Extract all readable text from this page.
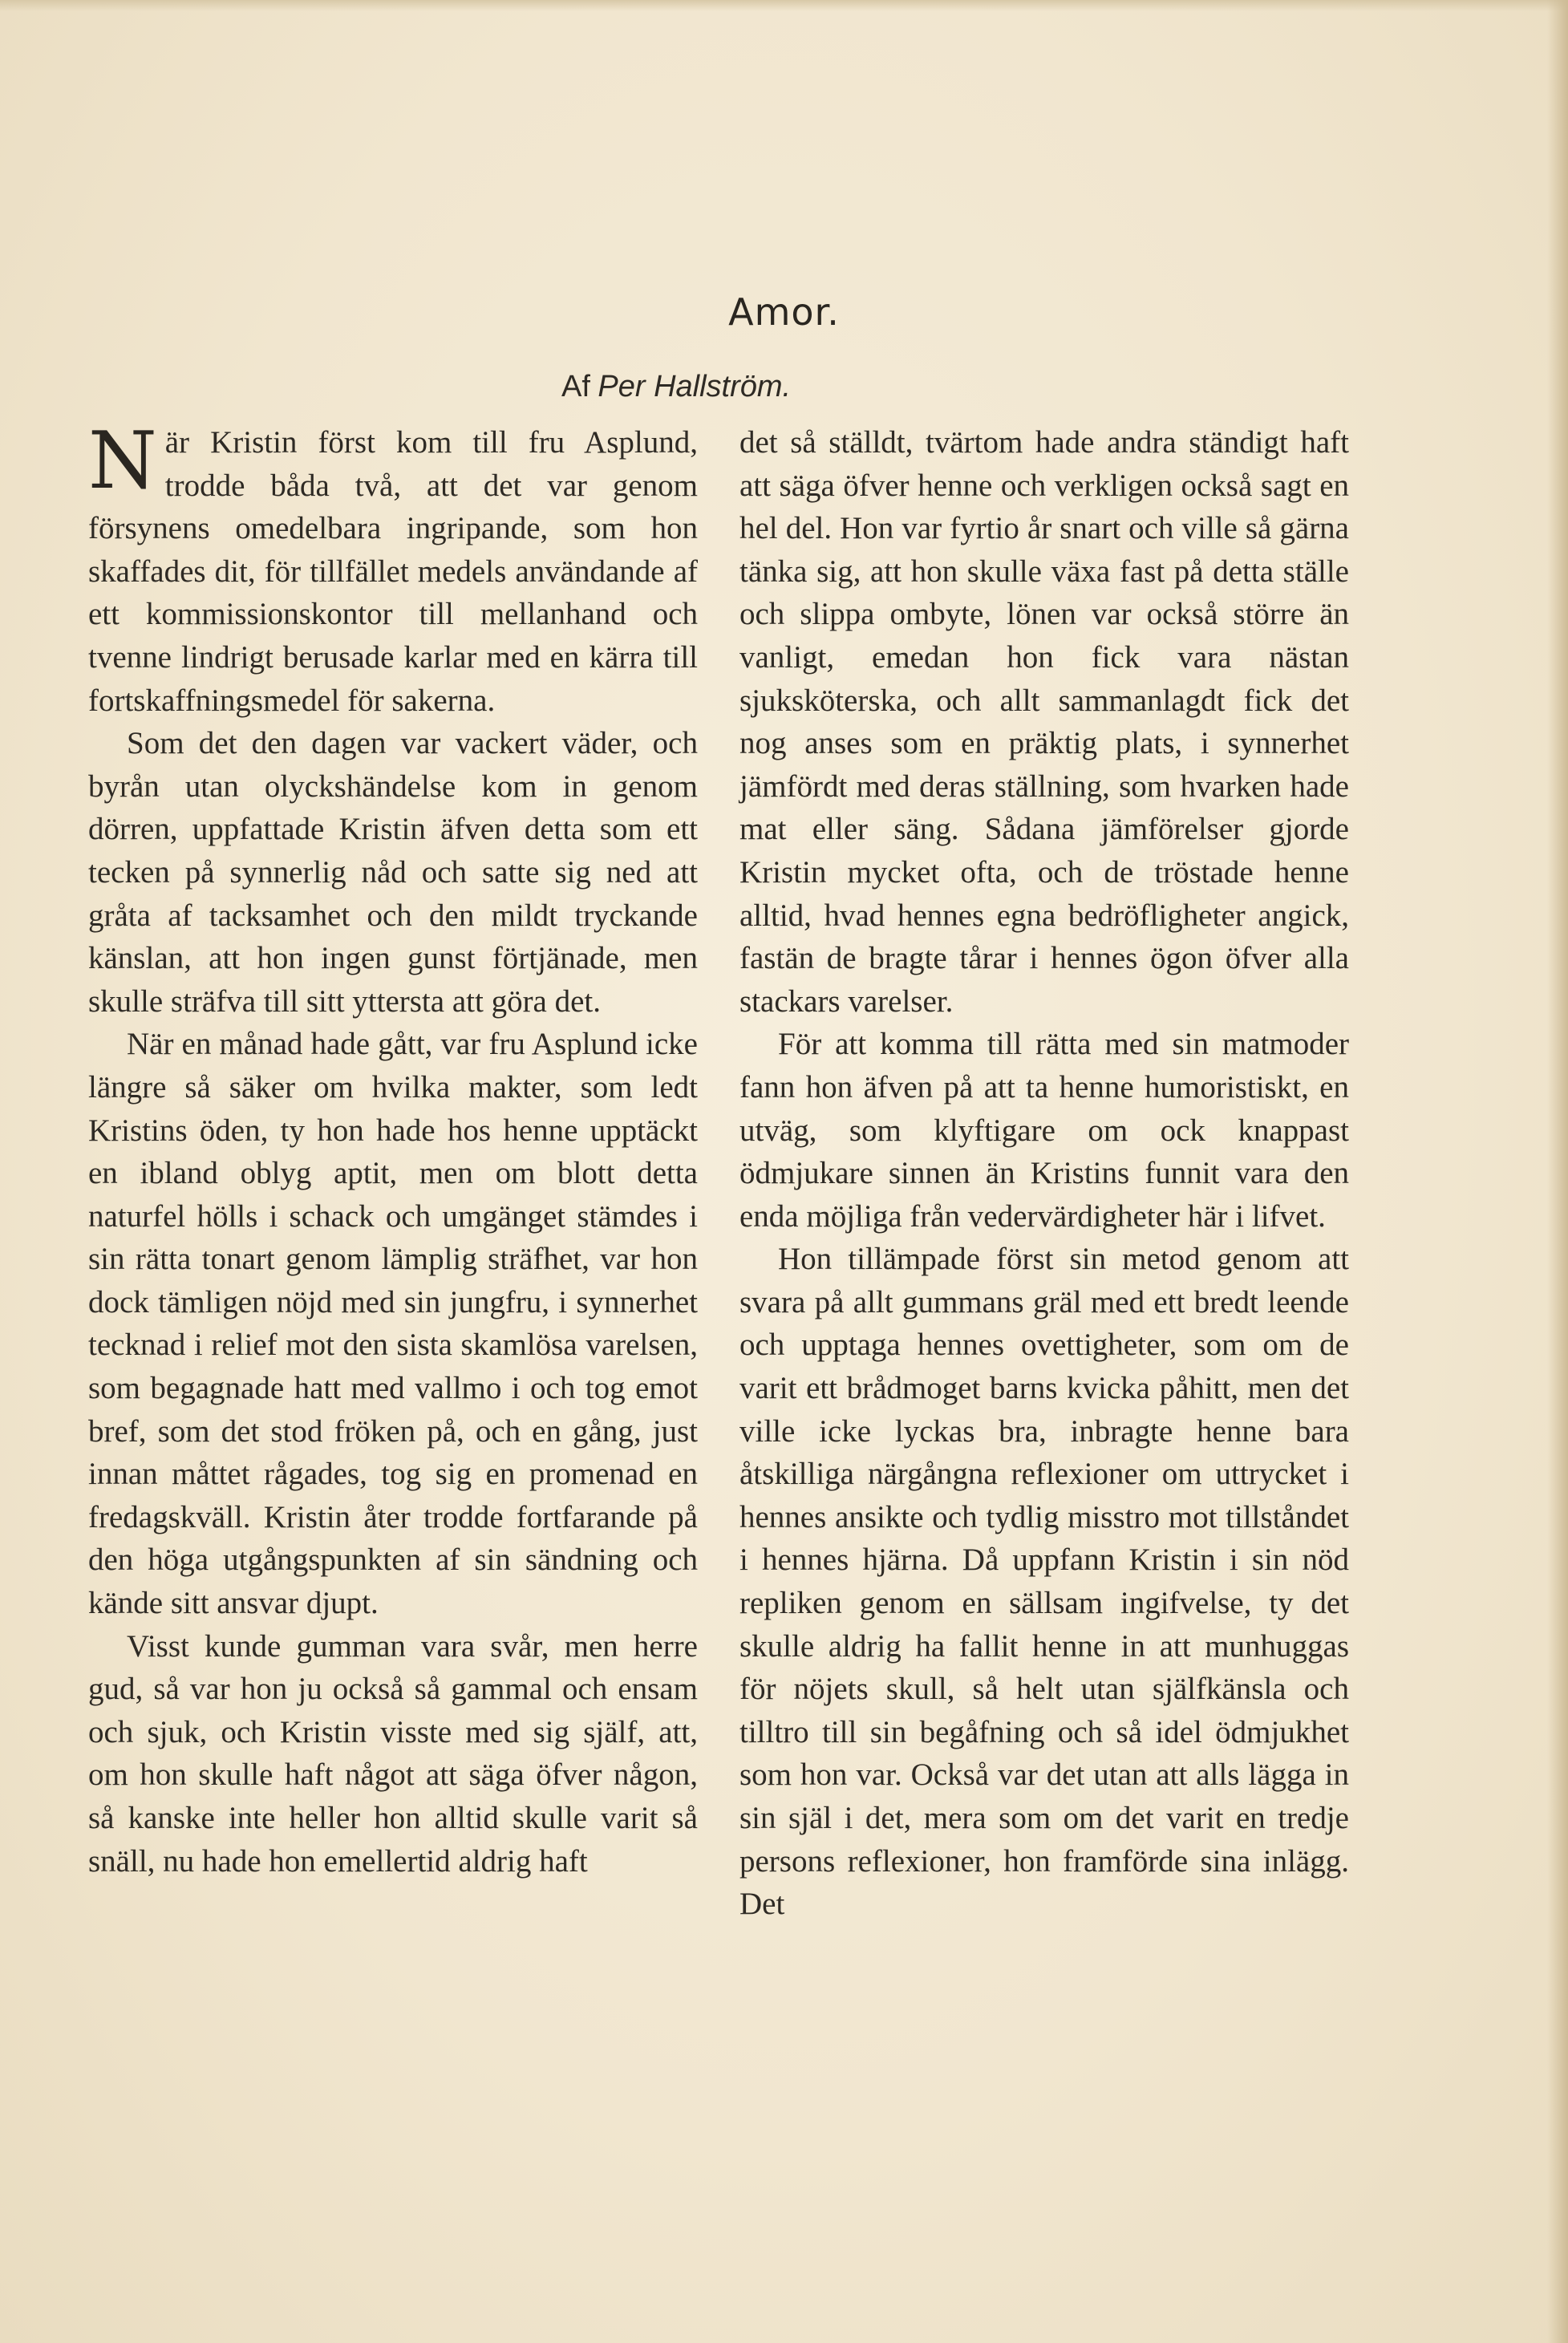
Amor.
Af Per Hallström.

När Kristin först kom till fru Asplund, trodde båda två, att det var genom försynens omedelbara ingripande, som hon skaffades dit, för tillfället medels användande af ett kommissionskontor till mellanhand och tvenne lindrigt berusade karlar med en kärra till fortskaffningsmedel för sakerna.

Som det den dagen var vackert väder, och byrån utan olyckshändelse kom in genom dörren, uppfattade Kristin äfven detta som ett tecken på synnerlig nåd och satte sig ned att gråta af tacksamhet och den mildt tryckande känslan, att hon ingen gunst förtjänade, men skulle sträfva till sitt yttersta att göra det.

När en månad hade gått, var fru Asplund icke längre så säker om hvilka makter, som ledt Kristins öden, ty hon hade hos henne upptäckt en ibland oblyg aptit, men om blott detta naturfel hölls i schack och umgänget stämdes i sin rätta tonart genom lämplig sträfhet, var hon dock tämligen nöjd med sin jungfru, i synnerhet tecknad i relief mot den sista skamlösa varelsen, som begagnade hatt med vallmo i och tog emot bref, som det stod fröken på, och en gång, just innan måttet rågades, tog sig en promenad en fredagskväll. Kristin åter trodde fortfarande på den höga utgångspunkten af sin sändning och kände sitt ansvar djupt.

Visst kunde gumman vara svår, men herre gud, så var hon ju också så gammal och ensam och sjuk, och Kristin visste med sig själf, att, om hon skulle haft något att säga öfver någon, så kanske inte heller hon alltid skulle varit så snäll, nu hade hon emellertid aldrig haft

det så ställdt, tvärtom hade andra ständigt haft att säga öfver henne och verkligen också sagt en hel del. Hon var fyrtio år snart och ville så gärna tänka sig, att hon skulle växa fast på detta ställe och slippa ombyte, lönen var också större än vanligt, emedan hon fick vara nästan sjuksköterska, och allt sammanlagdt fick det nog anses som en präktig plats, i synnerhet jämfördt med deras ställning, som hvarken hade mat eller säng. Sådana jämförelser gjorde Kristin mycket ofta, och de tröstade henne alltid, hvad hennes egna bedröfligheter angick, fastän de bragte tårar i hennes ögon öfver alla stackars varelser.

För att komma till rätta med sin matmoder fann hon äfven på att ta henne humoristiskt, en utväg, som klyftigare om ock knappast ödmjukare sinnen än Kristins funnit vara den enda möjliga från vedervärdigheter här i lifvet.

Hon tillämpade först sin metod genom att svara på allt gummans gräl med ett bredt leende och upptaga hennes ovettigheter, som om de varit ett brådmoget barns kvicka påhitt, men det ville icke lyckas bra, inbragte henne bara åtskilliga närgångna reflexioner om uttrycket i hennes ansikte och tydlig misstro mot tillståndet i hennes hjärna. Då uppfann Kristin i sin nöd repliken genom en sällsam ingifvelse, ty det skulle aldrig ha fallit henne in att munhuggas för nöjets skull, så helt utan själfkänsla och tilltro till sin begåfning och så idel ödmjukhet som hon var. Också var det utan att alls lägga in sin själ i det, mera som om det varit en tredje persons reflexioner, hon framförde sina inlägg. Det
